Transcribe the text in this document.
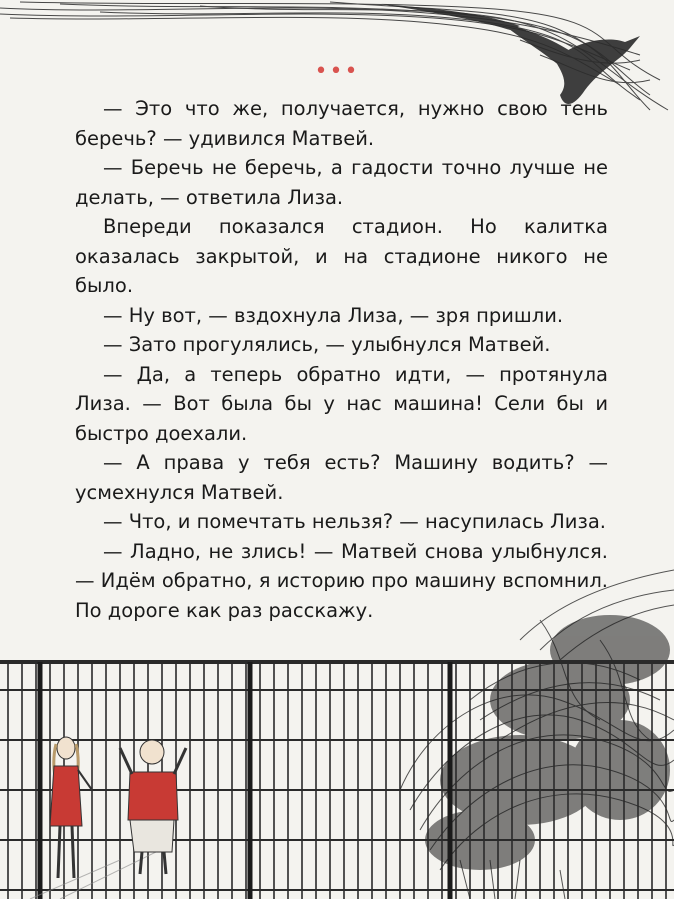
•••

— Это что же, получается, нужно свою тень беречь? — удивился Матвей.

— Беречь не беречь, а гадости точно лучше не делать, — ответила Лиза.

Впереди показался стадион. Но калитка оказалась закрытой, и на стадионе никого не было.

— Ну вот, — вздохнула Лиза, — зря пришли.

— Зато прогулялись, — улыбнулся Матвей.

— Да, а теперь обратно идти, — протянула Лиза. — Вот была бы у нас машина! Сели бы и быстро доехали.

— А права у тебя есть? Машину водить? — усмехнулся Матвей.

— Что, и помечтать нельзя? — насупилась Лиза.

— Ладно, не злись! — Матвей снова улыбнулся. — Идём обратно, я историю про машину вспомнил. По дороге как раз расскажу.
